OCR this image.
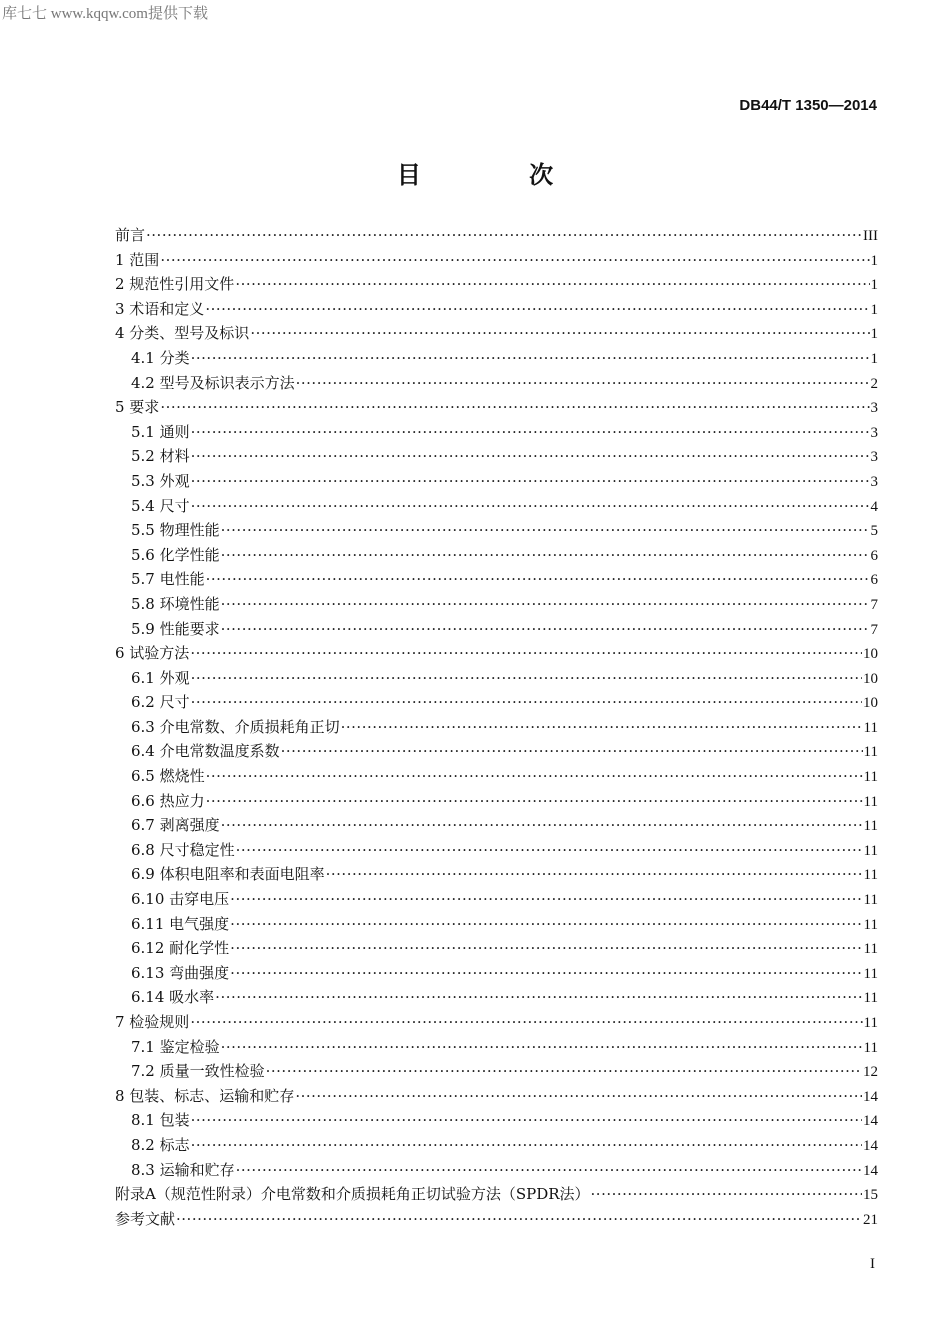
库七七 www.kqqw.com提供下载
DB44/T 1350—2014
目 次
前言 ·····	III
1 范围 ·····	1
2 规范性引用文件 ·····	1
3 术语和定义 ·····	1
4 分类、型号及标识 ·····	1
4.1 分类 ·····	1
4.2 型号及标识表示方法 ·····	2
5 要求 ·····	3
5.1 通则 ·····	3
5.2 材料 ·····	3
5.3 外观 ·····	3
5.4 尺寸 ·····	4
5.5 物理性能 ·····	5
5.6 化学性能 ·····	6
5.7 电性能 ·····	6
5.8 环境性能 ·····	7
5.9 性能要求 ·····	7
6 试验方法 ·····	10
6.1 外观 ·····	10
6.2 尺寸 ·····	10
6.3 介电常数、介质损耗角正切 ·····	11
6.4 介电常数温度系数 ·····	11
6.5 燃烧性 ·····	11
6.6 热应力 ·····	11
6.7 剥离强度 ·····	11
6.8 尺寸稳定性 ·····	11
6.9 体积电阻率和表面电阻率 ·····	11
6.10 击穿电压 ·····	11
6.11 电气强度 ·····	11
6.12 耐化学性 ·····	11
6.13 弯曲强度 ·····	11
6.14 吸水率 ·····	11
7 检验规则 ·····	11
7.1 鉴定检验 ·····	11
7.2 质量一致性检验 ·····	12
8 包装、标志、运输和贮存 ·····	14
8.1 包装 ·····	14
8.2 标志 ·····	14
8.3 运输和贮存 ·····	14
附录A（规范性附录）介电常数和介质损耗角正切试验方法（SPDR法） ·····	15
参考文献 ·····	21
I
